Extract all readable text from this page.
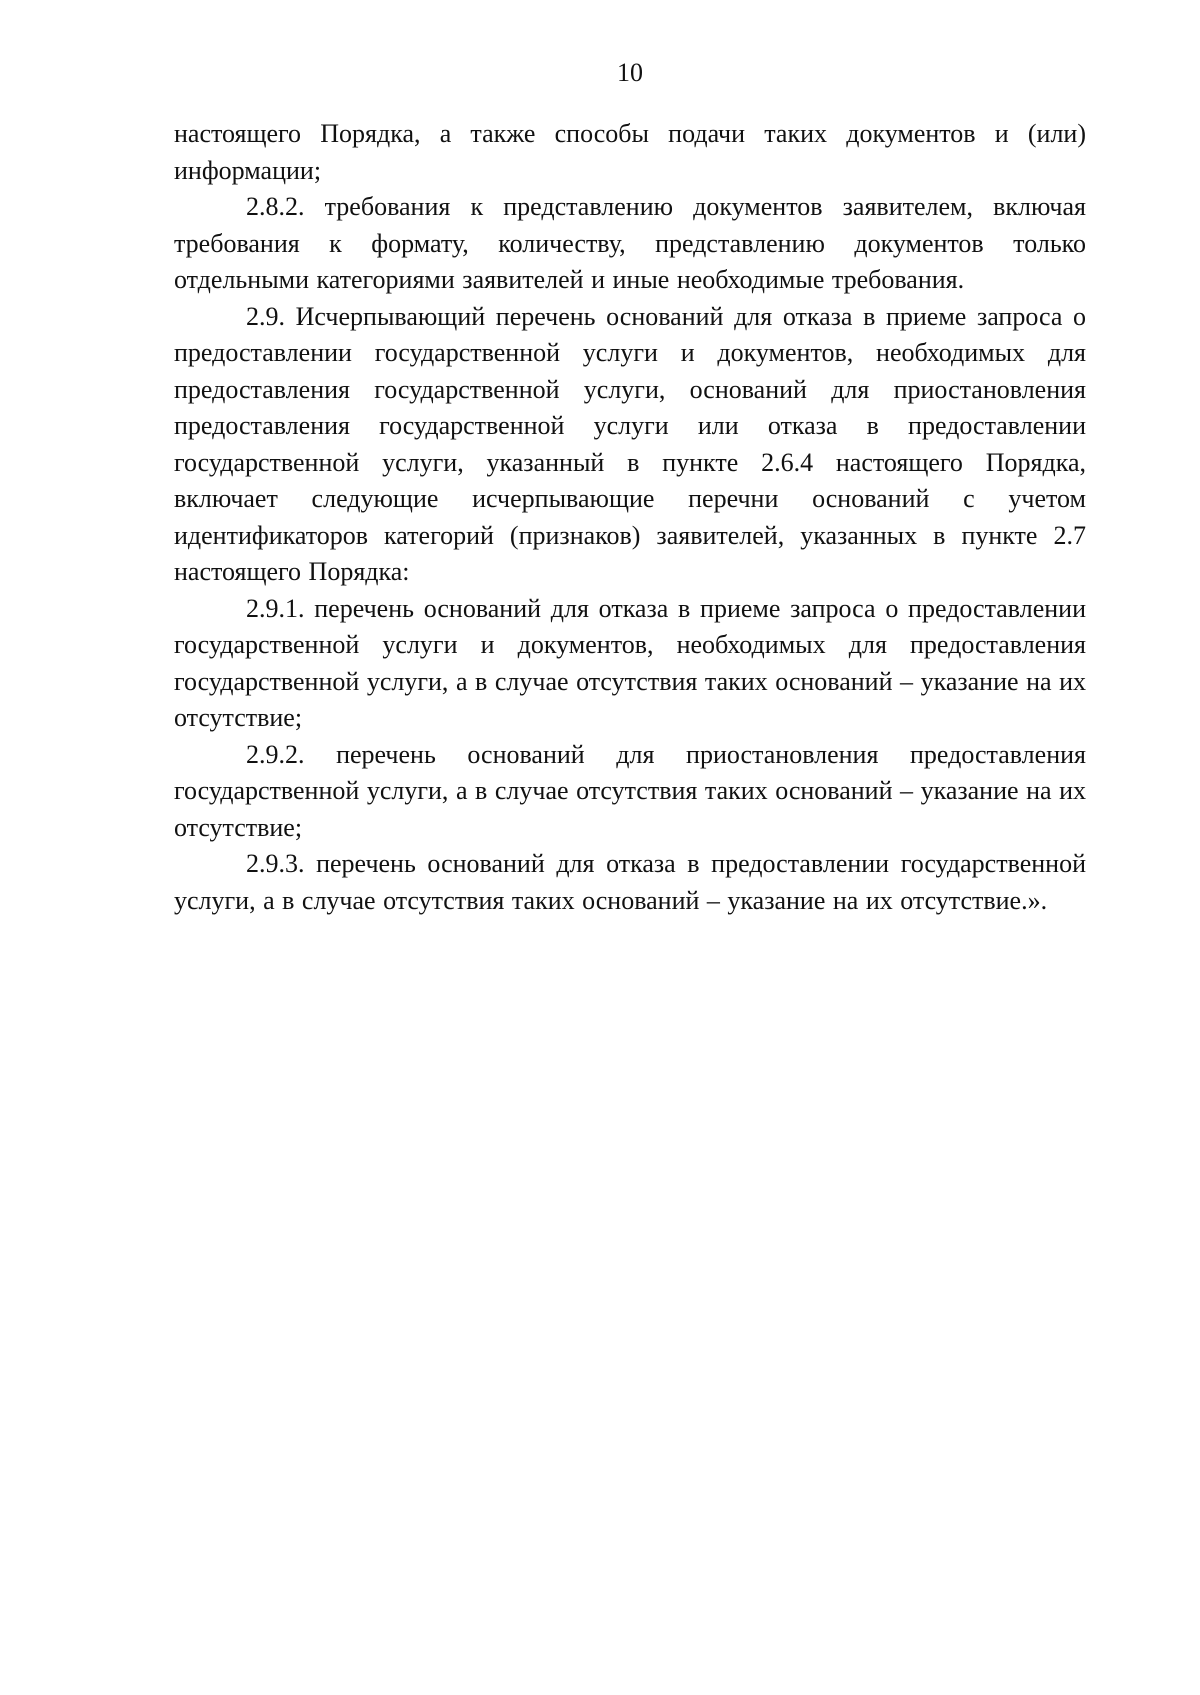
10

настоящего Порядка, а также способы подачи таких документов и (или) информации;

2.8.2. требования к представлению документов заявителем, включая требования к формату, количеству, представлению документов только отдельными категориями заявителей и иные необходимые требования.

2.9. Исчерпывающий перечень оснований для отказа в приеме запроса о предоставлении государственной услуги и документов, необходимых для предоставления государственной услуги, оснований для приостановления предоставления государственной услуги или отказа в предоставлении государственной услуги, указанный в пункте 2.6.4 настоящего Порядка, включает следующие исчерпывающие перечни оснований с учетом идентификаторов категорий (признаков) заявителей, указанных в пункте 2.7 настоящего Порядка:

2.9.1. перечень оснований для отказа в приеме запроса о предоставлении государственной услуги и документов, необходимых для предоставления государственной услуги, а в случае отсутствия таких оснований – указание на их отсутствие;

2.9.2. перечень оснований для приостановления предоставления государственной услуги, а в случае отсутствия таких оснований – указание на их отсутствие;

2.9.3. перечень оснований для отказа в предоставлении государственной услуги, а в случае отсутствия таких оснований – указание на их отсутствие.».
